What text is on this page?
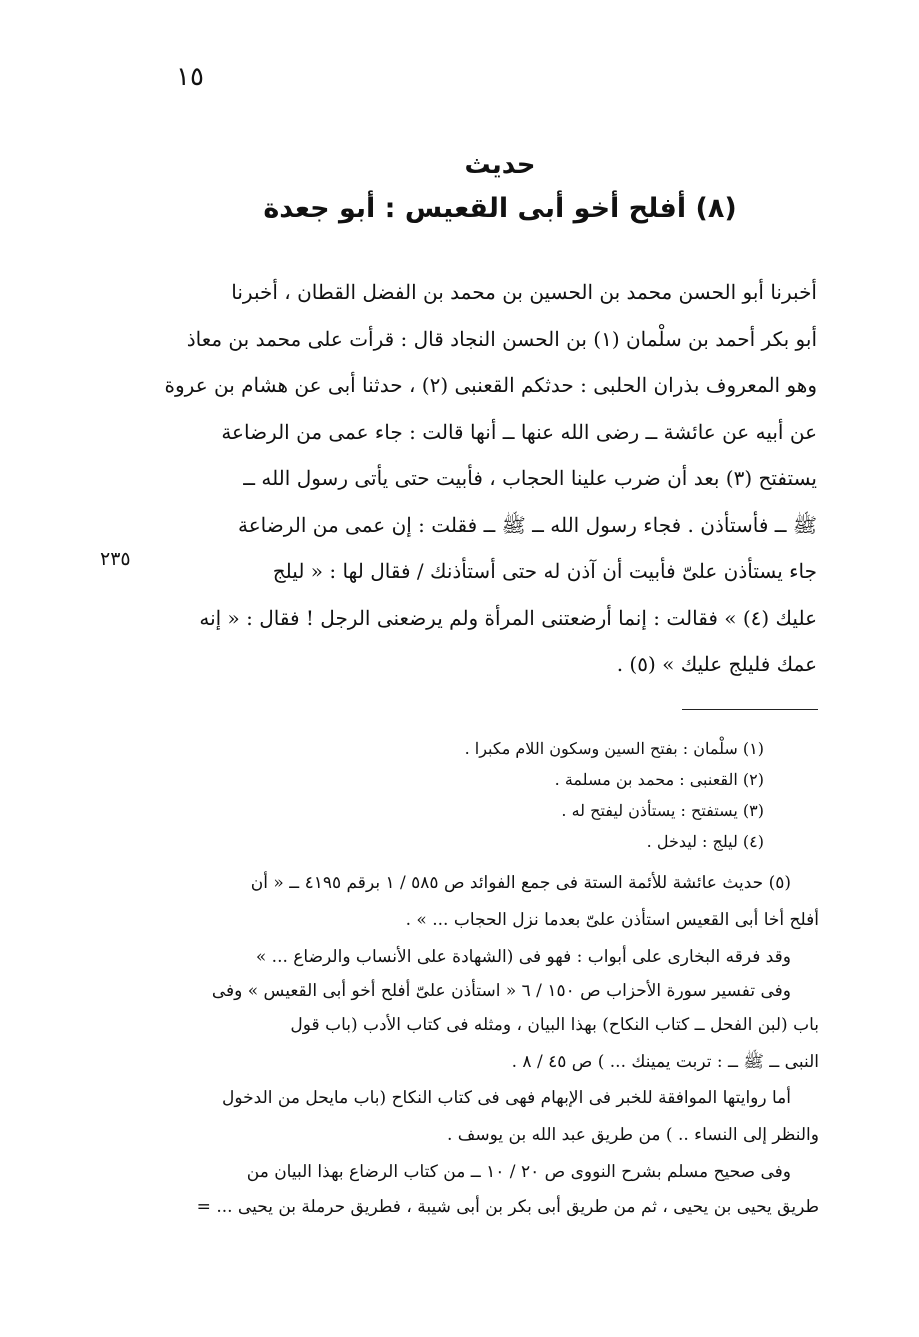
١٥
حديث
(٨) أفلح أخو أبى القعيس : أبو جعدة
أخبرنا أبو الحسن محمد بن الحسين بن محمد بن الفضل القطان ، أخبرنا
أبو بكر أحمد بن سلْمان (١) بن الحسن النجاد قال : قرأت على محمد بن معاذ
وهو المعروف بذران الحلبى : حدثكم القعنبى (٢) ، حدثنا أبى عن هشام بن عروة
عن أبيه عن عائشة ــ رضى الله عنها ــ أنها قالت : جاء عمى من الرضاعة
يستفتح (٣) بعد أن ضرب علينا الحجاب ، فأبيت حتى يأتى رسول الله ــ
ﷺ ــ فأستأذن . فجاء رسول الله ــ ﷺ ــ فقلت : إن عمى من الرضاعة
جاء يستأذن علىّ فأبيت أن آذن له حتى أستأذنك / فقال لها : « ليلج
عليك (٤) » فقالت : إنما أرضعتنى المرأة ولم يرضعنى الرجل ! فقال : « إنه
عمك فليلج عليك » (٥) .
٢٣٥
(١) سلْمان : بفتح السين وسكون اللام مكبرا .
(٢) القعنبى : محمد بن مسلمة .
(٣) يستفتح : يستأذن ليفتح له .
(٤) ليلج : ليدخل .
(٥) حديث عائشة للأئمة الستة فى جمع الفوائد ص ٥٨٥ / ١ برقم ٤١٩٥ ــ « أن
أفلح أخا أبى القعيس استأذن علىّ بعدما نزل الحجاب ... » .
وقد فرقه البخارى على أبواب : فهو فى (الشهادة على الأنساب والرضاع ... »
وفى تفسير سورة الأحزاب ص ١٥٠ / ٦ « استأذن علىّ أفلح أخو أبى القعيس » وفى
باب (لبن الفحل ــ كتاب النكاح) بهذا البيان ، ومثله فى كتاب الأدب (باب قول
النبى ــ ﷺ ــ : تربت يمينك ... ) ص ٤٥ / ٨ .
أما روايتها الموافقة للخبر فى الإبهام فهى فى كتاب النكاح (باب مايحل من الدخول
والنظر إلى النساء .. ) من طريق عبد الله بن يوسف .
وفى صحيح مسلم بشرح النووى ص ٢٠ / ١٠ ــ من كتاب الرضاع بهذا البيان من
طريق يحيى بن يحيى ، ثم من طريق أبى بكر بن أبى شيبة ، فطريق حرملة بن يحيى ... =
